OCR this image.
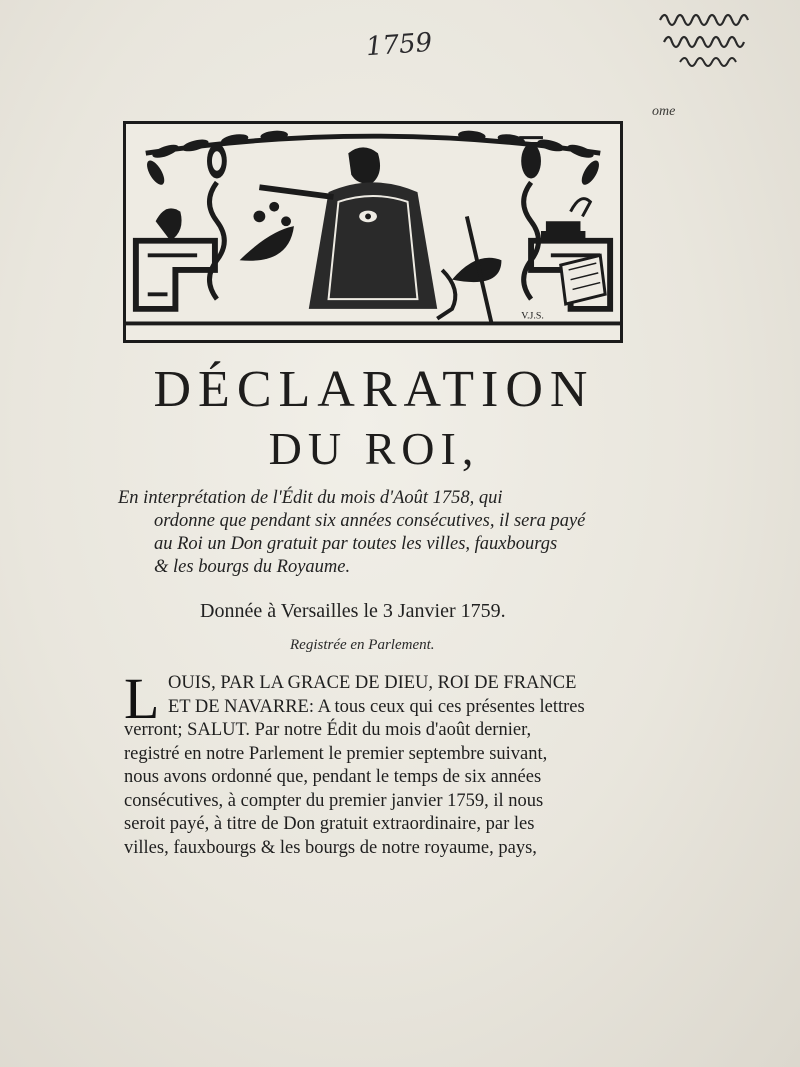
1759
ome
V.J.S.
DÉCLARATION
DU ROI,
En interprétation de l'Édit du mois d'Août 1758, qui
ordonne que pendant six années consécutives, il sera payé
au Roi un Don gratuit par toutes les villes, fauxbourgs
& les bourgs du Royaume.
Donnée à Versailles le 3 Janvier 1759.
Registrée en Parlement.
L OUIS, PAR LA GRACE DE DIEU, ROI DE FRANCE
ET DE NAVARRE: A tous ceux qui ces présentes lettres
verront; SALUT. Par notre Édit du mois d'août dernier,
registré en notre Parlement le premier septembre suivant,
nous avons ordonné que, pendant le temps de six années
consécutives, à compter du premier janvier 1759, il nous
seroit payé, à titre de Don gratuit extraordinaire, par les
villes, fauxbourgs & les bourgs de notre royaume, pays,
